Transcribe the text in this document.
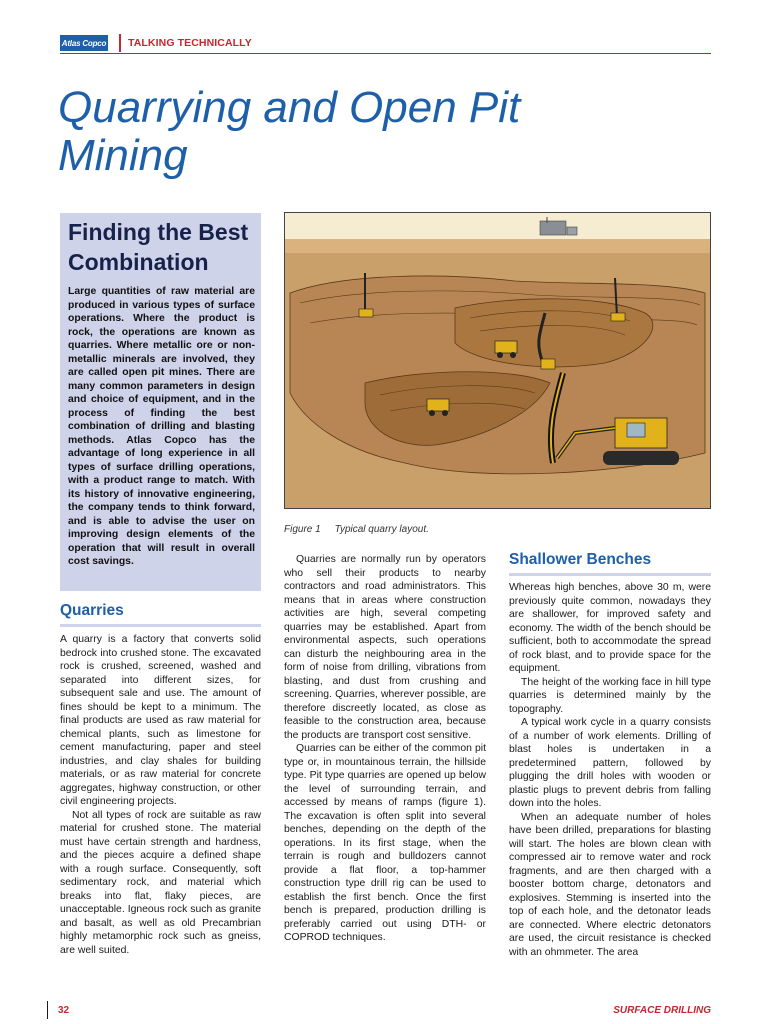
Atlas Copco TALKING TECHNICALLY
Quarrying and Open Pit Mining
Finding the Best Combination

Large quantities of raw material are produced in various types of surface operations. Where the product is rock, the operations are known as quarries. Where metallic ore or non-metallic minerals are involved, they are called open pit mines. There are many common parameters in design and choice of equipment, and in the process of finding the best combination of drilling and blasting methods. Atlas Copco has the advantage of long experience in all types of surface drilling operations, with a product range to match. With its history of innovative engineering, the company tends to think forward, and is able to advise the user on improving design elements of the operation that will result in overall cost savings.

Quarries

A quarry is a factory that converts solid bedrock into crushed stone. The excavated rock is crushed, screened, washed and separated into different sizes, for subsequent sale and use. The amount of fines should be kept to a minimum. The final products are used as raw material for chemical plants, such as limestone for cement manufacturing, paper and steel industries, and clay shales for building materials, or as raw material for concrete aggregates, highway construction, or other civil engineering projects.

Not all types of rock are suitable as raw material for crushed stone. The material must have certain strength and hardness, and the pieces acquire a defined shape with a rough surface. Consequently, soft sedimentary rock, and material which breaks into flat, flaky pieces, are unacceptable. Igneous rock such as granite and basalt, as well as old Precambrian highly metamorphic rock such as gneiss, are well suited.

Figure 1     Typical quarry layout.

Quarries are normally run by operators who sell their products to nearby contractors and road administrators. This means that in areas where construction activities are high, several competing quarries may be established. Apart from environmental aspects, such operations can disturb the neighbouring area in the form of noise from drilling, vibrations from blasting, and dust from crushing and screening. Quarries, wherever possible, are therefore discreetly located, as close as feasible to the construction area, because the products are transport cost sensitive.

Quarries can be either of the common pit type or, in mountainous terrain, the hillside type. Pit type quarries are opened up below the level of surrounding terrain, and accessed by means of ramps (figure 1). The excavation is often split into several benches, depending on the depth of the operations. In its first stage, when the terrain is rough and bulldozers cannot provide a flat floor, a top-hammer construction type drill rig can be used to establish the first bench. Once the first bench is prepared, production drilling is preferably carried out using DTH- or COPROD techniques.

Shallower Benches

Whereas high benches, above 30 m, were previously quite common, nowadays they are shallower, for improved safety and economy. The width of the bench should be sufficient, both to accommodate the spread of rock blast, and to provide space for the equipment.

The height of the working face in hill type quarries is determined mainly by the topography.

A typical work cycle in a quarry consists of a number of work elements. Drilling of blast holes is undertaken in a predetermined pattern, followed by plugging the drill holes with wooden or plastic plugs to prevent debris from falling down into the holes.

When an adequate number of holes have been drilled, preparations for blasting will start. The holes are blown clean with compressed air to remove water and rock fragments, and are then charged with a booster bottom charge, detonators and explosives. Stemming is inserted into the top of each hole, and the detonator leads are connected. Where electric detonators are used, the circuit resistance is checked with an ohmmeter. The area

32	SURFACE DRILLING
